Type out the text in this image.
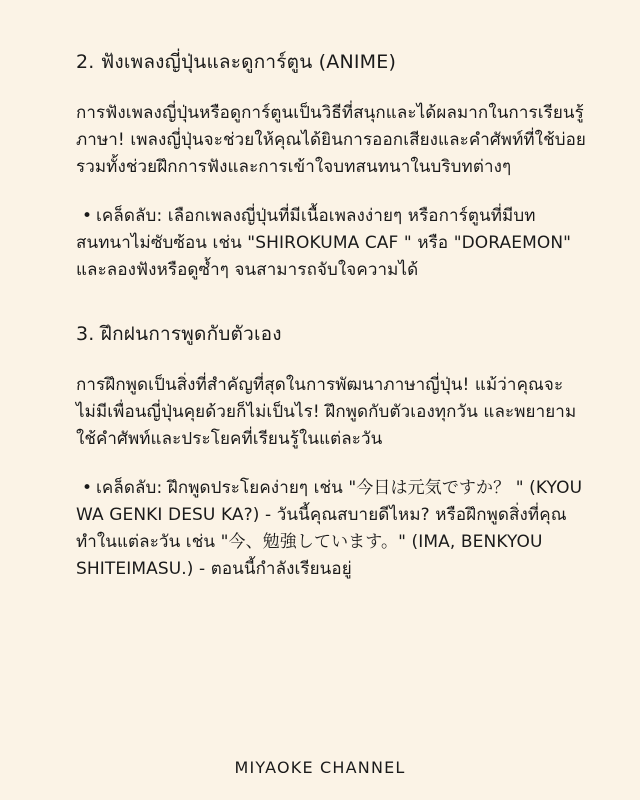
2. ฟังเพลงญี่ปุ่นและดูการ์ตูน (ANIME)
การฟังเพลงญี่ปุ่นหรือดูการ์ตูนเป็นวิธีที่สนุกและได้ผลมากในการเรียนรู้ภาษา! เพลงญี่ปุ่นจะช่วยให้คุณได้ยินการออกเสียงและคำศัพท์ที่ใช้บ่อย รวมทั้งช่วยฝึกการฟังและการเข้าใจบทสนทนาในบริบทต่างๆ
• เคล็ดลับ: เลือกเพลงญี่ปุ่นที่มีเนื้อเพลงง่ายๆ หรือการ์ตูนที่มีบทสนทนาไม่ซับซ้อน เช่น "SHIROKUMA CAF " หรือ "DORAEMON" และลองฟังหรือดูซ้ำๆ จนสามารถจับใจความได้
3. ฝึกฝนการพูดกับตัวเอง
การฝึกพูดเป็นสิ่งที่สำคัญที่สุดในการพัฒนาภาษาญี่ปุ่น! แม้ว่าคุณจะไม่มีเพื่อนญี่ปุ่นคุยด้วยก็ไม่เป็นไร! ฝึกพูดกับตัวเองทุกวัน และพยายามใช้คำศัพท์และประโยคที่เรียนรู้ในแต่ละวัน
• เคล็ดลับ: ฝึกพูดประโยคง่ายๆ เช่น "今日は元気ですか？ " (KYOU WA GENKI DESU KA?) - วันนี้คุณสบายดีไหม? หรือฝึกพูดสิ่งที่คุณทำในแต่ละวัน เช่น "今、勉強しています。" (IMA, BENKYOU SHITEIMASU.) - ตอนนี้กำลังเรียนอยู่
MIYAOKE CHANNEL
